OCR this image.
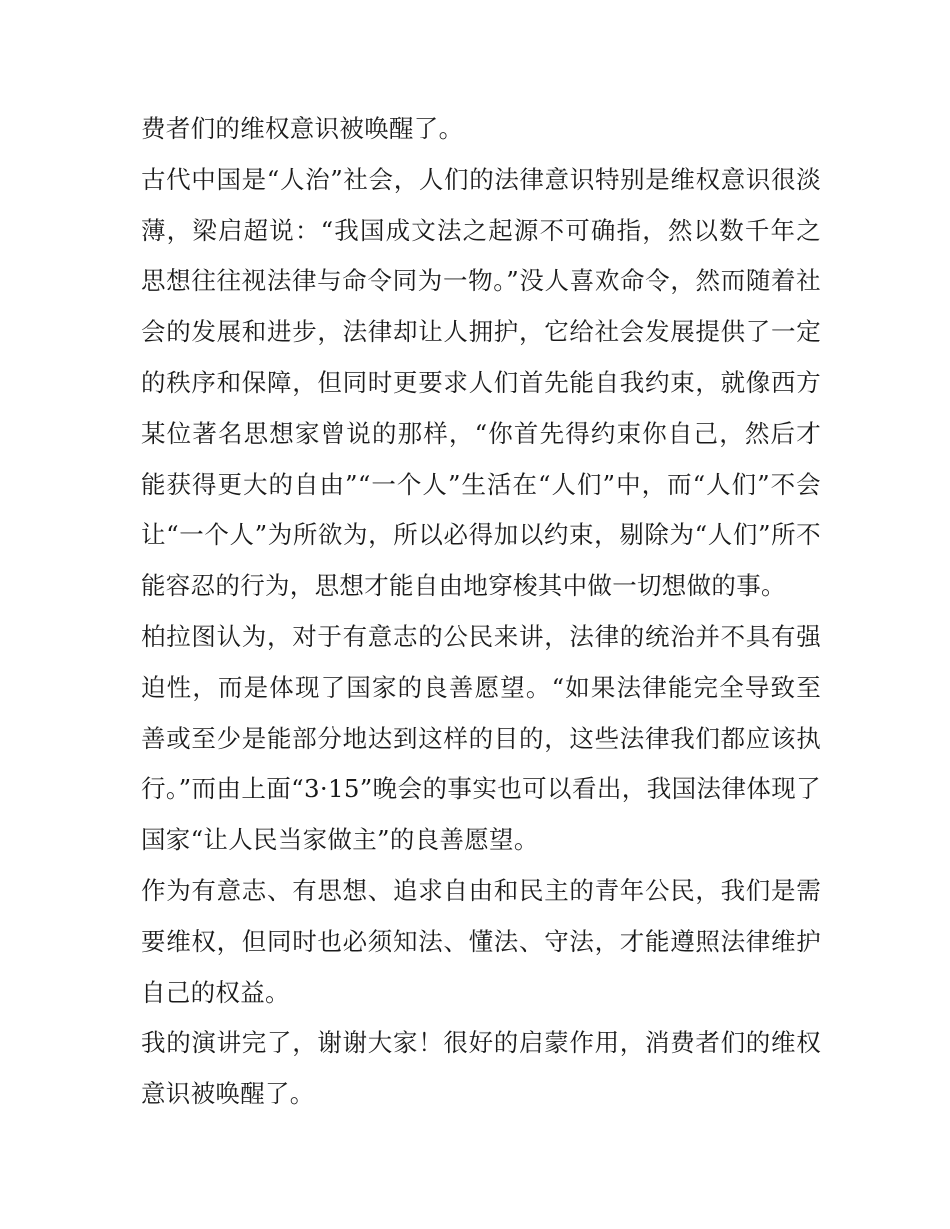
费者们的维权意识被唤醒了。

古代中国是“人治”社会，人们的法律意识特别是维权意识很淡薄，梁启超说：“我国成文法之起源不可确指，然以数千年之思想往往视法律与命令同为一物。”没人喜欢命令，然而随着社会的发展和进步，法律却让人拥护，它给社会发展提供了一定的秩序和保障，但同时更要求人们首先能自我约束，就像西方某位著名思想家曾说的那样，“你首先得约束你自己，然后才能获得更大的自由”“一个人”生活在“人们”中，而“人们”不会让“一个人”为所欲为，所以必得加以约束，剔除为“人们”所不能容忍的行为，思想才能自由地穿梭其中做一切想做的事。

柏拉图认为，对于有意志的公民来讲，法律的统治并不具有强迫性，而是体现了国家的良善愿望。“如果法律能完全导致至善或至少是能部分地达到这样的目的，这些法律我们都应该执行。”而由上面“3·15”晚会的事实也可以看出，我国法律体现了国家“让人民当家做主”的良善愿望。

作为有意志、有思想、追求自由和民主的青年公民，我们是需要维权，但同时也必须知法、懂法、守法，才能遵照法律维护自己的权益。

我的演讲完了，谢谢大家！很好的启蒙作用，消费者们的维权意识被唤醒了。
